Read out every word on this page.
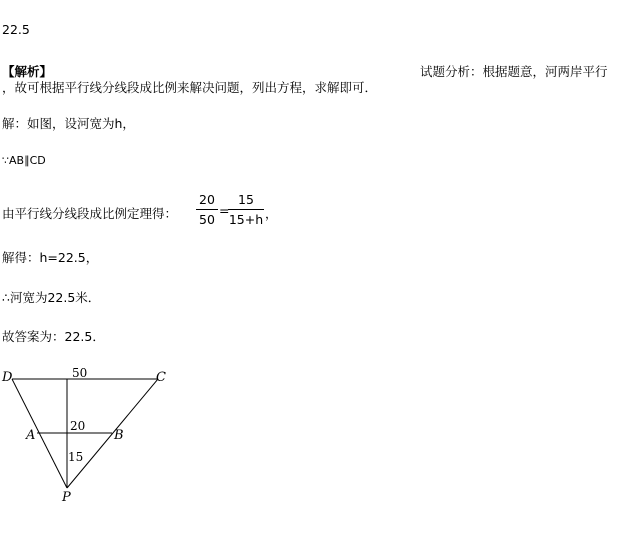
22.5
【解析】	试题分析：根据题意，河两岸平行
，故可根据平行线分线段成比例来解决问题，列出方程，求解即可．
解：如图，设河宽为h，
∵AB∥CD
由平行线分线段成比例定理得：
20
50
=
15
15+h ，
解得：h=22.5，
∴河宽为22.5米．
故答案为：22.5．
D	C
A	B
P
50
20
15
